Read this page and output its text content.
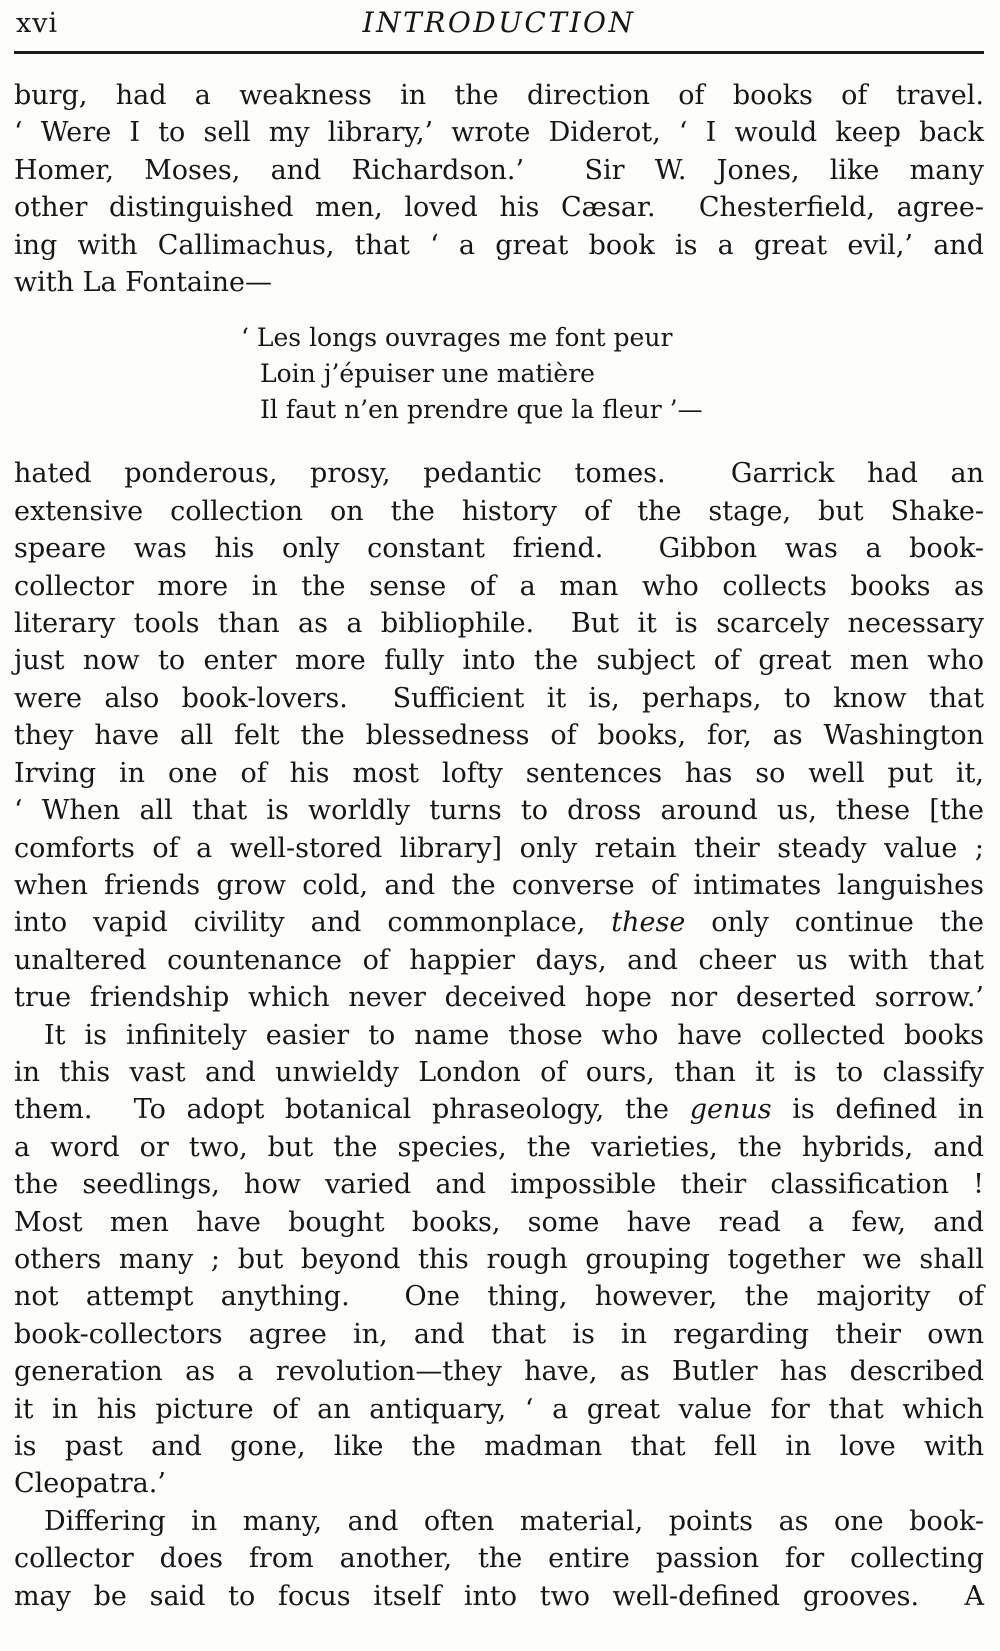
xvi	INTRODUCTION
burg, had a weakness in the direction of books of travel.
‘ Were I to sell my library,’ wrote Diderot, ‘ I would keep back
Homer, Moses, and Richardson.’  Sir W. Jones, like many
other distinguished men, loved his Cæsar.  Chesterfield, agree-
ing with Callimachus, that ‘ a great book is a great evil,’ and
with La Fontaine—
‘ Les longs ouvrages me font peur
Loin j’épuiser une matière
Il faut n’en prendre que la fleur ’—
hated ponderous, prosy, pedantic tomes.  Garrick had an
extensive collection on the history of the stage, but Shake-
speare was his only constant friend.  Gibbon was a book-
collector more in the sense of a man who collects books as
literary tools than as a bibliophile.  But it is scarcely necessary
just now to enter more fully into the subject of great men who
were also book-lovers.  Sufficient it is, perhaps, to know that
they have all felt the blessedness of books, for, as Washington
Irving in one of his most lofty sentences has so well put it,
‘ When all that is worldly turns to dross around us, these [the
comforts of a well-stored library] only retain their steady value ;
when friends grow cold, and the converse of intimates languishes
into vapid civility and commonplace, these only continue the
unaltered countenance of happier days, and cheer us with that
true friendship which never deceived hope nor deserted sorrow.’
It is infinitely easier to name those who have collected books
in this vast and unwieldy London of ours, than it is to classify
them.  To adopt botanical phraseology, the genus is defined in
a word or two, but the species, the varieties, the hybrids, and
the seedlings, how varied and impossible their classification !
Most men have bought books, some have read a few, and
others many ; but beyond this rough grouping together we shall
not attempt anything.  One thing, however, the majority of
book-collectors agree in, and that is in regarding their own
generation as a revolution—they have, as Butler has described
it in his picture of an antiquary, ‘ a great value for that which
is past and gone, like the madman that fell in love with
Cleopatra.’
Differing in many, and often material, points as one book-
collector does from another, the entire passion for collecting
may be said to focus itself into two well-defined grooves.  A
